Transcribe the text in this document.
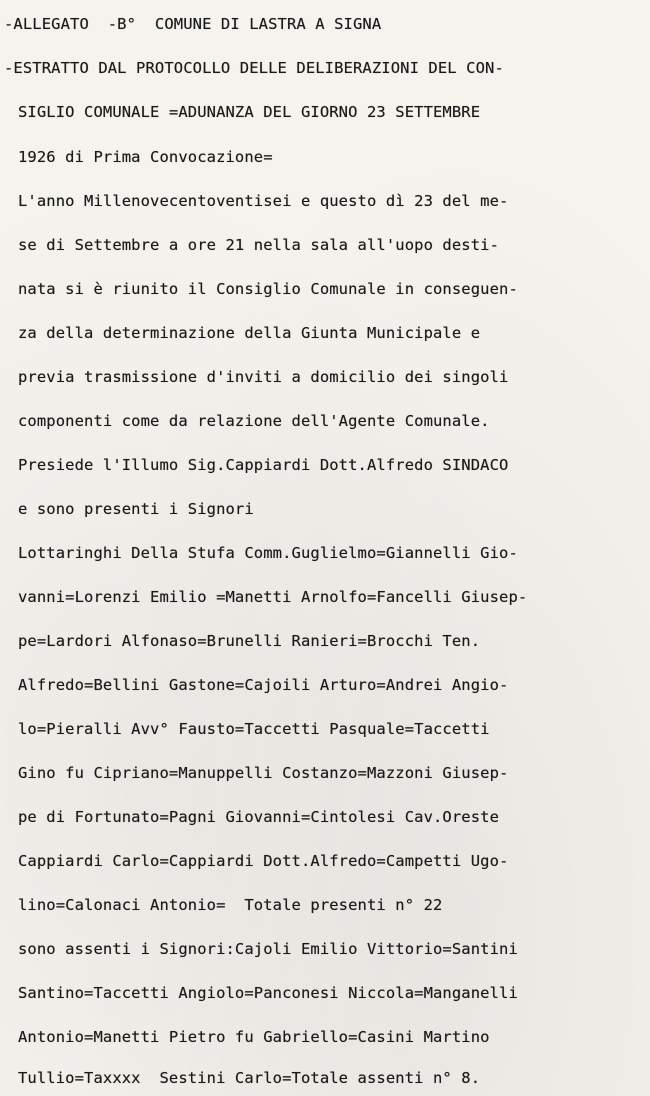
-ALLEGATO  -B°  COMUNE DI LASTRA A SIGNA
-ESTRATTO DAL PROTOCOLLO DELLE DELIBERAZIONI DEL CON-
SIGLIO COMUNALE =ADUNANZA DEL GIORNO 23 SETTEMBRE
1926 di Prima Convocazione=
L'anno Millenovecentoventisei e questo dì 23 del me-
se di Settembre a ore 21 nella sala all'uopo desti-
nata si è riunito il Consiglio Comunale in conseguen-
za della determinazione della Giunta Municipale e
previa trasmissione d'inviti a domicilio dei singoli
componenti come da relazione dell'Agente Comunale.
Presiede l'Illumo Sig.Cappiardi Dott.Alfredo SINDACO
e sono presenti i Signori
Lottaringhi Della Stufa Comm.Guglielmo=Giannelli Gio-
vanni=Lorenzi Emilio =Manetti Arnolfo=Fancelli Giusep-
pe=Lardori Alfonaso=Brunelli Ranieri=Brocchi Ten.
Alfredo=Bellini Gastone=Cajoili Arturo=Andrei Angio-
lo=Pieralli Avv° Fausto=Taccetti Pasquale=Taccetti
Gino fu Cipriano=Manuppelli Costanzo=Mazzoni Giusep-
pe di Fortunato=Pagni Giovanni=Cintolesi Cav.Oreste
Cappiardi Carlo=Cappiardi Dott.Alfredo=Campetti Ugo-
lino=Calonaci Antonio=  Totale presenti n° 22
sono assenti i Signori:Cajoli Emilio Vittorio=Santini
Santino=Taccetti Angiolo=Panconesi Niccola=Manganelli
Antonio=Manetti Pietro fu Gabriello=Casini Martino
Tullio=Taxxxx  Sestini Carlo=Totale assenti n° 8.
